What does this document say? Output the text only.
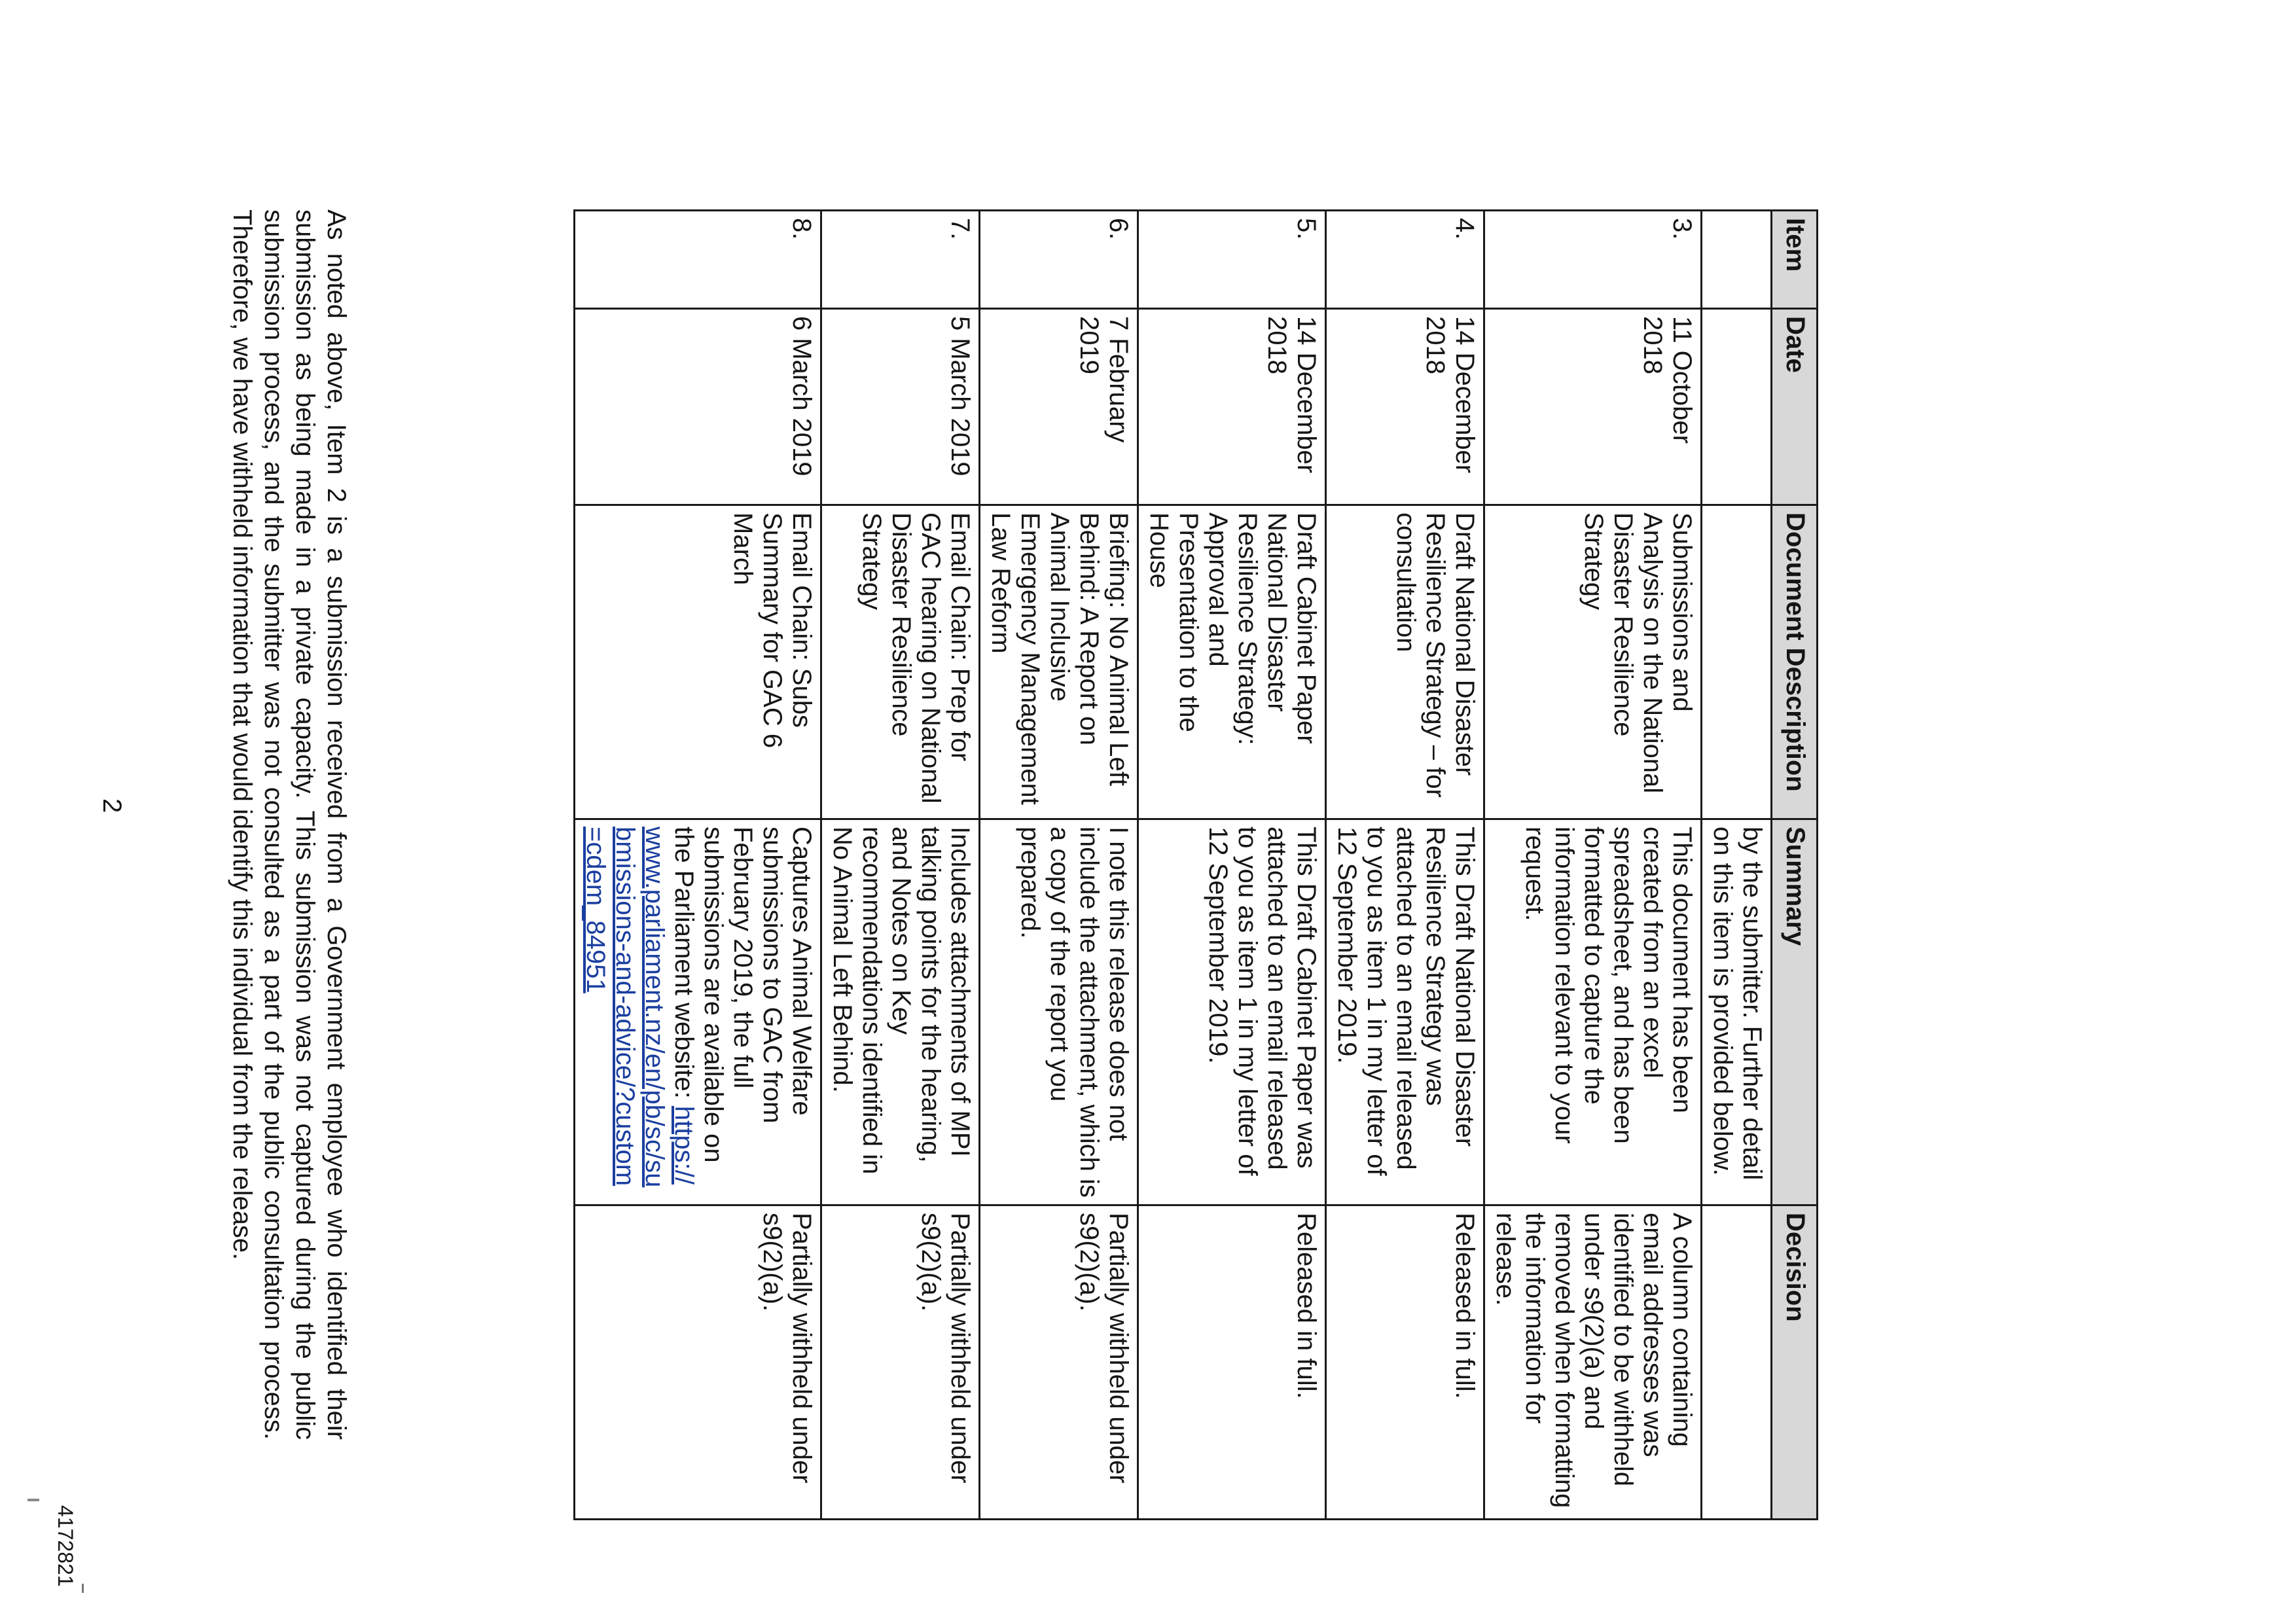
Item	Date	Document Description	Summary	Decision
			by the submitter. Further detail on this item is provided below.	
3.	11 October 2018	Submissions and Analysis on the National Disaster Resilience Strategy	This document has been created from an excel spreadsheet, and has been formatted to capture the information relevant to your request.	A column containing email addresses was identified to be withheld under s9(2)(a) and removed when formatting the information for release.
4.	14 December 2018	Draft National Disaster Resilience Strategy – for consultation	This Draft National Disaster Resilience Strategy was attached to an email released to you as item 1 in my letter of 12 September 2019.	Released in full.
5.	14 December 2018	Draft Cabinet Paper National Disaster Resilience Strategy: Approval and Presentation to the House	This Draft Cabinet Paper was attached to an email released to you as item 1 in my letter of 12 September 2019.	Released in full.
6.	7 February 2019	Briefing: No Animal Left Behind: A Report on Animal Inclusive Emergency Management Law Reform	I note this release does not include the attachment, which is a copy of the report you prepared.	Partially withheld under s9(2)(a).
7.	5 March 2019	Email Chain: Prep for GAC hearing on National Disaster Resilience Strategy	Includes attachments of MPI talking points for the hearing, and Notes on Key recommendations identified in No Animal Left Behind.	Partially withheld under s9(2)(a).
8.	6 March 2019	Email Chain: Subs Summary for GAC 6 March	Captures Animal Welfare submissions to GAC from February 2019, the full submissions are available on the Parliament website: https://www.parliament.nz/en/pb/sc/submissions-and-advice/?custom=cdem_84951	Partially withheld under s9(2)(a).

As noted above, Item 2 is a submission received from a Government employee who identified their submission as being made in a private capacity. This submission was not captured during the public submission process, and the submitter was not consulted as a part of the public consultation process. Therefore, we have withheld information that would identify this individual from the release.

2
4172821
